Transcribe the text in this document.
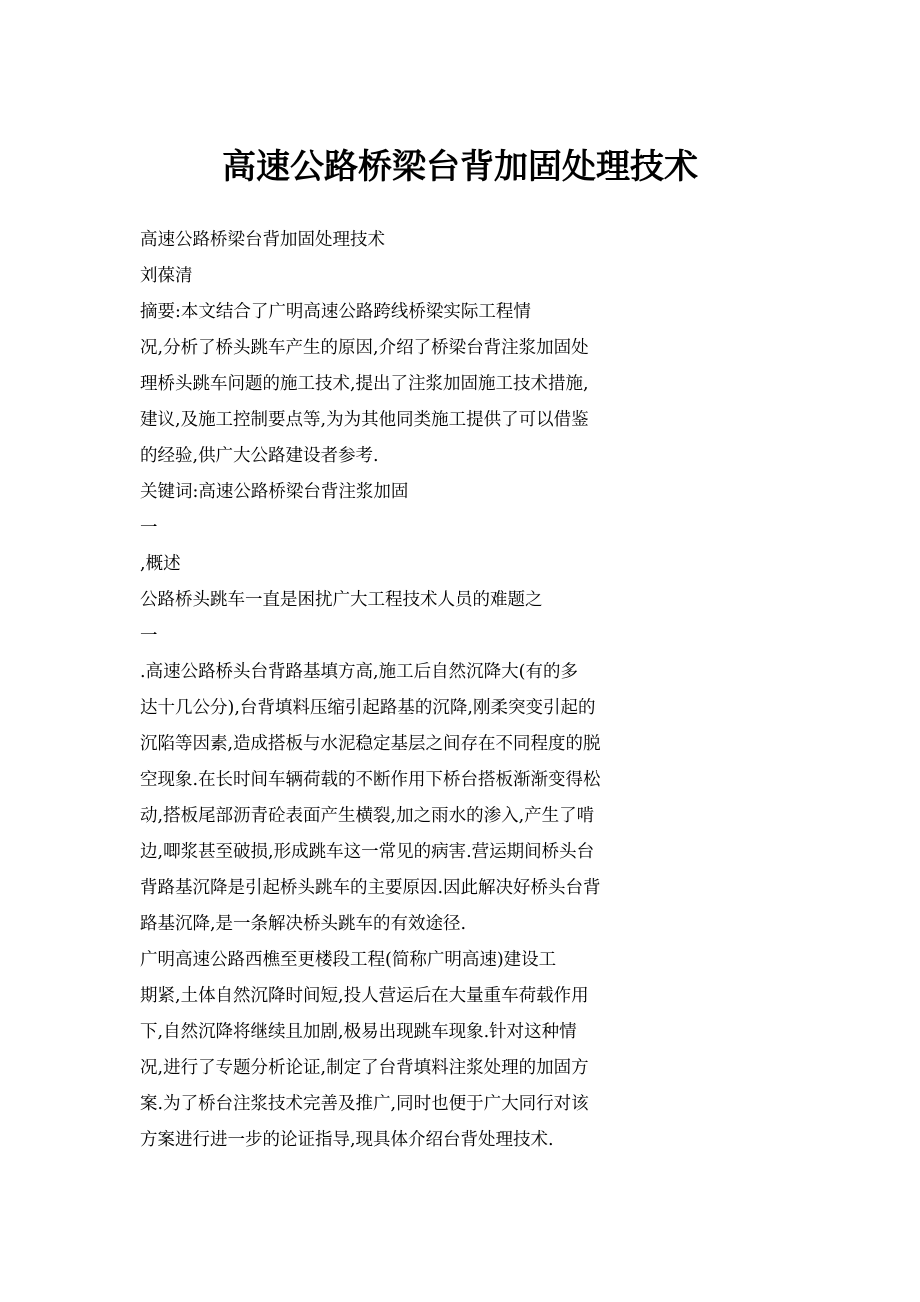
高速公路桥梁台背加固处理技术
高速公路桥梁台背加固处理技术
刘葆清
摘要:本文结合了广明高速公路跨线桥梁实际工程情
况,分析了桥头跳车产生的原因,介绍了桥梁台背注浆加固处
理桥头跳车问题的施工技术,提出了注浆加固施工技术措施,
建议,及施工控制要点等,为为其他同类施工提供了可以借鉴
的经验,供广大公路建设者参考.
关键词:高速公路桥梁台背注浆加固
一
,概述
公路桥头跳车一直是困扰广大工程技术人员的难题之
一
.高速公路桥头台背路基填方高,施工后自然沉降大(有的多
达十几公分),台背填料压缩引起路基的沉降,刚柔突变引起的
沉陷等因素,造成搭板与水泥稳定基层之间存在不同程度的脱
空现象.在长时间车辆荷载的不断作用下桥台搭板渐渐变得松
动,搭板尾部沥青砼表面产生横裂,加之雨水的渗入,产生了啃
边,唧浆甚至破损,形成跳车这一常见的病害.营运期间桥头台
背路基沉降是引起桥头跳车的主要原因.因此解决好桥头台背
路基沉降,是一条解决桥头跳车的有效途径.
广明高速公路西樵至更楼段工程(简称广明高速)建设工
期紧,土体自然沉降时间短,投人营运后在大量重车荷载作用
下,自然沉降将继续且加剧,极易出现跳车现象.针对这种情
况,进行了专题分析论证,制定了台背填料注浆处理的加固方
案.为了桥台注浆技术完善及推广,同时也便于广大同行对该
方案进行进一步的论证指导,现具体介绍台背处理技术.
